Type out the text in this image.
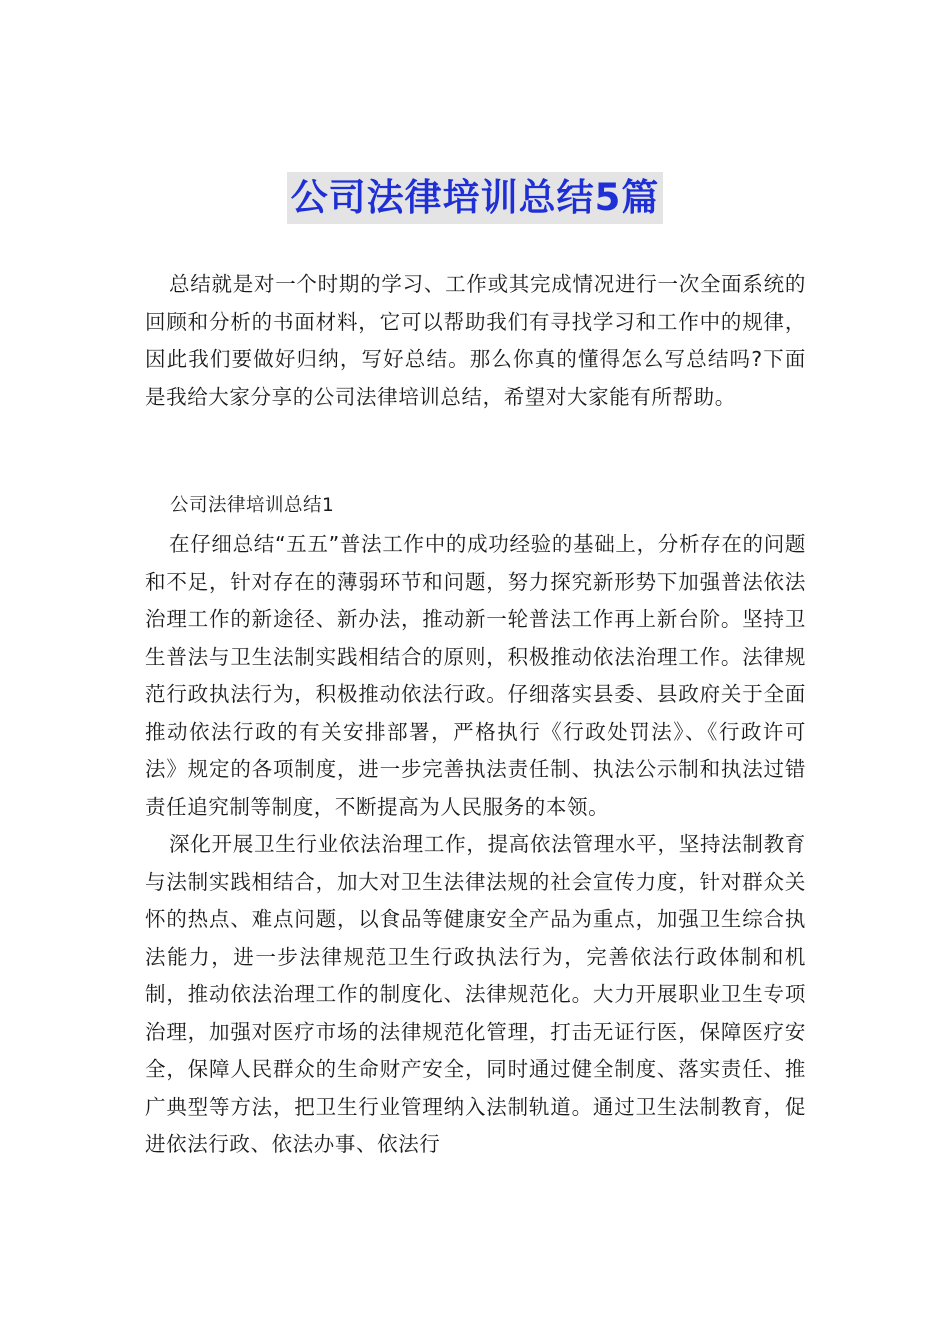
公司法律培训总结5篇

总结就是对一个时期的学习、工作或其完成情况进行一次全面系统的回顾和分析的书面材料，它可以帮助我们有寻找学习和工作中的规律，因此我们要做好归纳，写好总结。那么你真的懂得怎么写总结吗?下面是我给大家分享的公司法律培训总结，希望对大家能有所帮助。

公司法律培训总结1

在仔细总结“五五”普法工作中的成功经验的基础上，分析存在的问题和不足，针对存在的薄弱环节和问题，努力探究新形势下加强普法依法治理工作的新途径、新办法，推动新一轮普法工作再上新台阶。坚持卫生普法与卫生法制实践相结合的原则，积极推动依法治理工作。法律规范行政执法行为，积极推动依法行政。仔细落实县委、县政府关于全面推动依法行政的有关安排部署，严格执行《行政处罚法》、《行政许可法》规定的各项制度，进一步完善执法责任制、执法公示制和执法过错责任追究制等制度，不断提高为人民服务的本领。

深化开展卫生行业依法治理工作，提高依法管理水平，坚持法制教育与法制实践相结合，加大对卫生法律法规的社会宣传力度，针对群众关怀的热点、难点问题，以食品等健康安全产品为重点，加强卫生综合执法能力，进一步法律规范卫生行政执法行为，完善依法行政体制和机制，推动依法治理工作的制度化、法律规范化。大力开展职业卫生专项治理，加强对医疗市场的法律规范化管理，打击无证行医，保障医疗安全，保障人民群众的生命财产安全，同时通过健全制度、落实责任、推广典型等方法，把卫生行业管理纳入法制轨道。通过卫生法制教育，促进依法行政、依法办事、依法行
